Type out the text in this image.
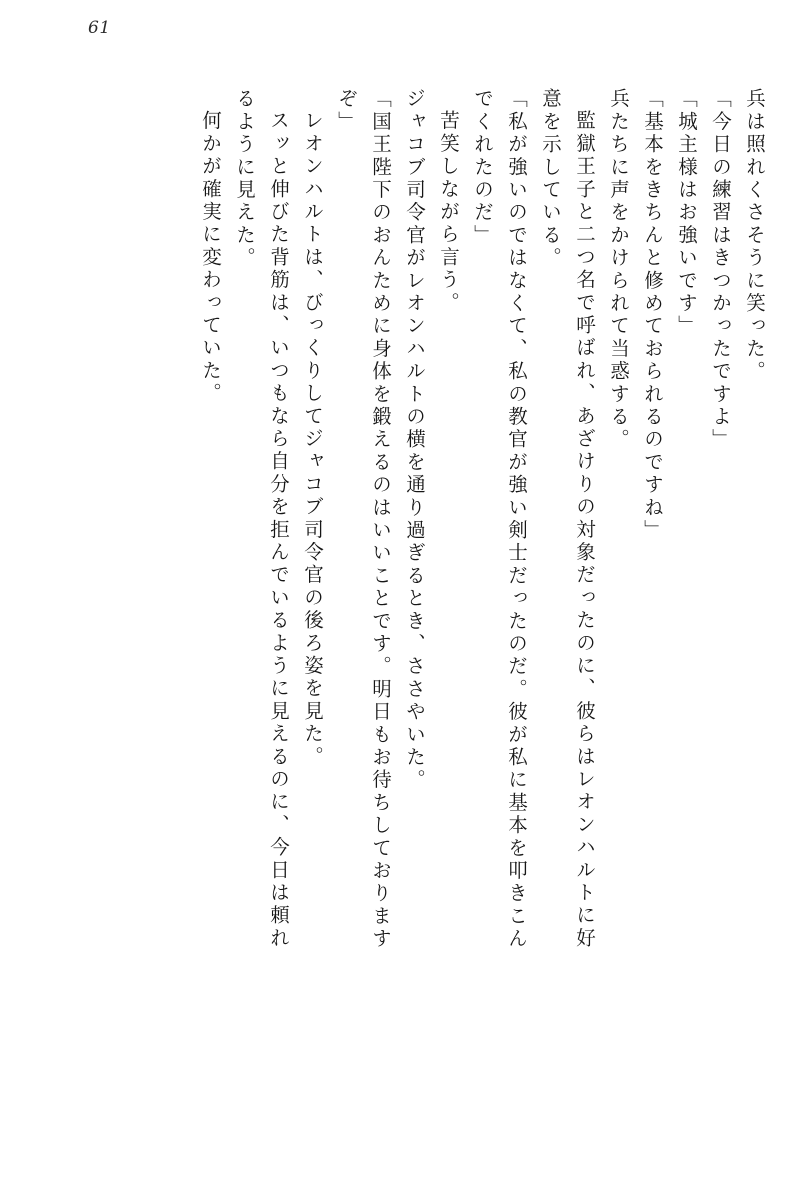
61
兵は照れくさそうに笑った。
「今日の練習はきつかったですよ」
「城主様はお強いです」
「基本をきちんと修めておられるのですね」
兵たちに声をかけられて当惑する。
監獄王子と二つ名で呼ばれ、あざけりの対象だったのに、彼らはレオンハルトに好
意を示している。
「私が強いのではなくて、私の教官が強い剣士だったのだ。彼が私に基本を叩きこん
でくれたのだ」
苦笑しながら言う。
ジャコブ司令官がレオンハルトの横を通り過ぎるとき、ささやいた。
「国王陛下のおんために身体を鍛えるのはいいことです。明日もお待ちしております
ぞ」
レオンハルトは、びっくりしてジャコブ司令官の後ろ姿を見た。
スッと伸びた背筋は、いつもなら自分を拒んでいるように見えるのに、今日は頼れ
るように見えた。
何かが確実に変わっていた。
